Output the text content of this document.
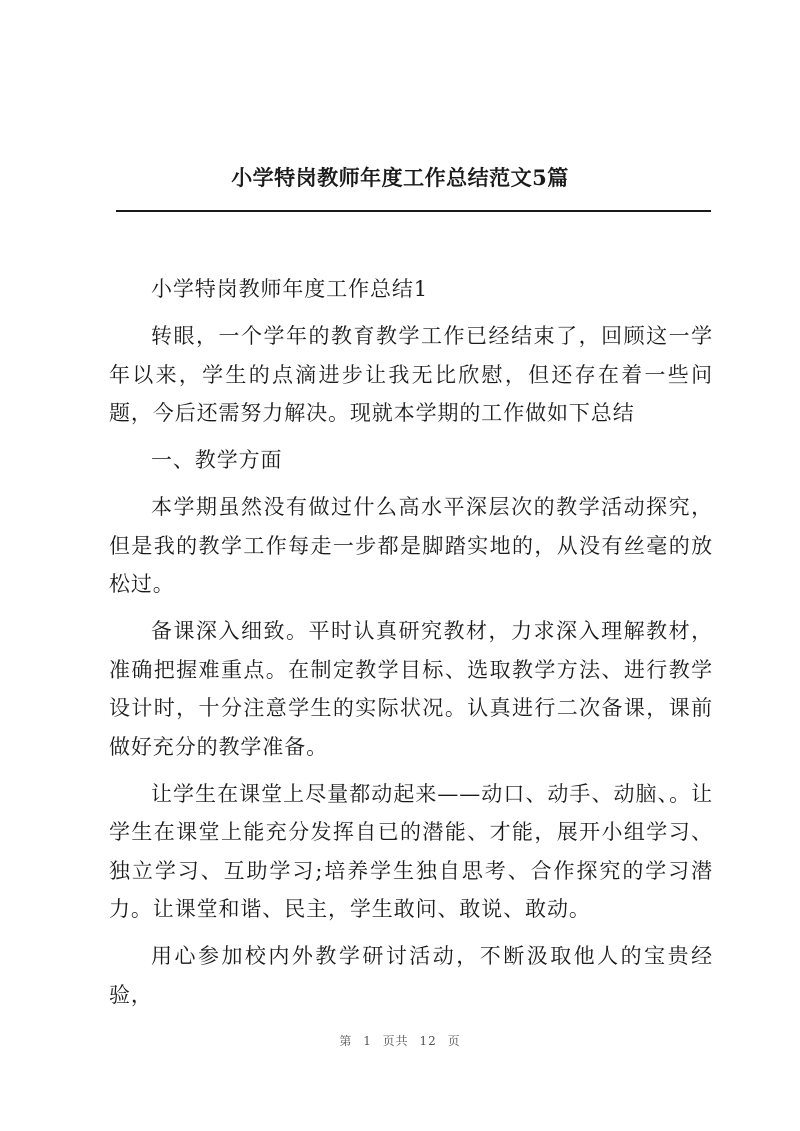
小学特岗教师年度工作总结范文5篇

小学特岗教师年度工作总结1

转眼，一个学年的教育教学工作已经结束了，回顾这一学年以来，学生的点滴进步让我无比欣慰，但还存在着一些问题，今后还需努力解决。现就本学期的工作做如下总结

一、教学方面

本学期虽然没有做过什么高水平深层次的教学活动探究，但是我的教学工作每走一步都是脚踏实地的，从没有丝毫的放松过。

备课深入细致。平时认真研究教材，力求深入理解教材，准确把握难重点。在制定教学目标、选取教学方法、进行教学设计时，十分注意学生的实际状况。认真进行二次备课，课前做好充分的教学准备。

让学生在课堂上尽量都动起来——动口、动手、动脑、。让学生在课堂上能充分发挥自已的潜能、才能，展开小组学习、独立学习、互助学习;培养学生独自思考、合作探究的学习潜力。让课堂和谐、民主，学生敢问、敢说、敢动。

用心参加校内外教学研讨活动，不断汲取他人的宝贵经验，

第 1 页共 12 页
